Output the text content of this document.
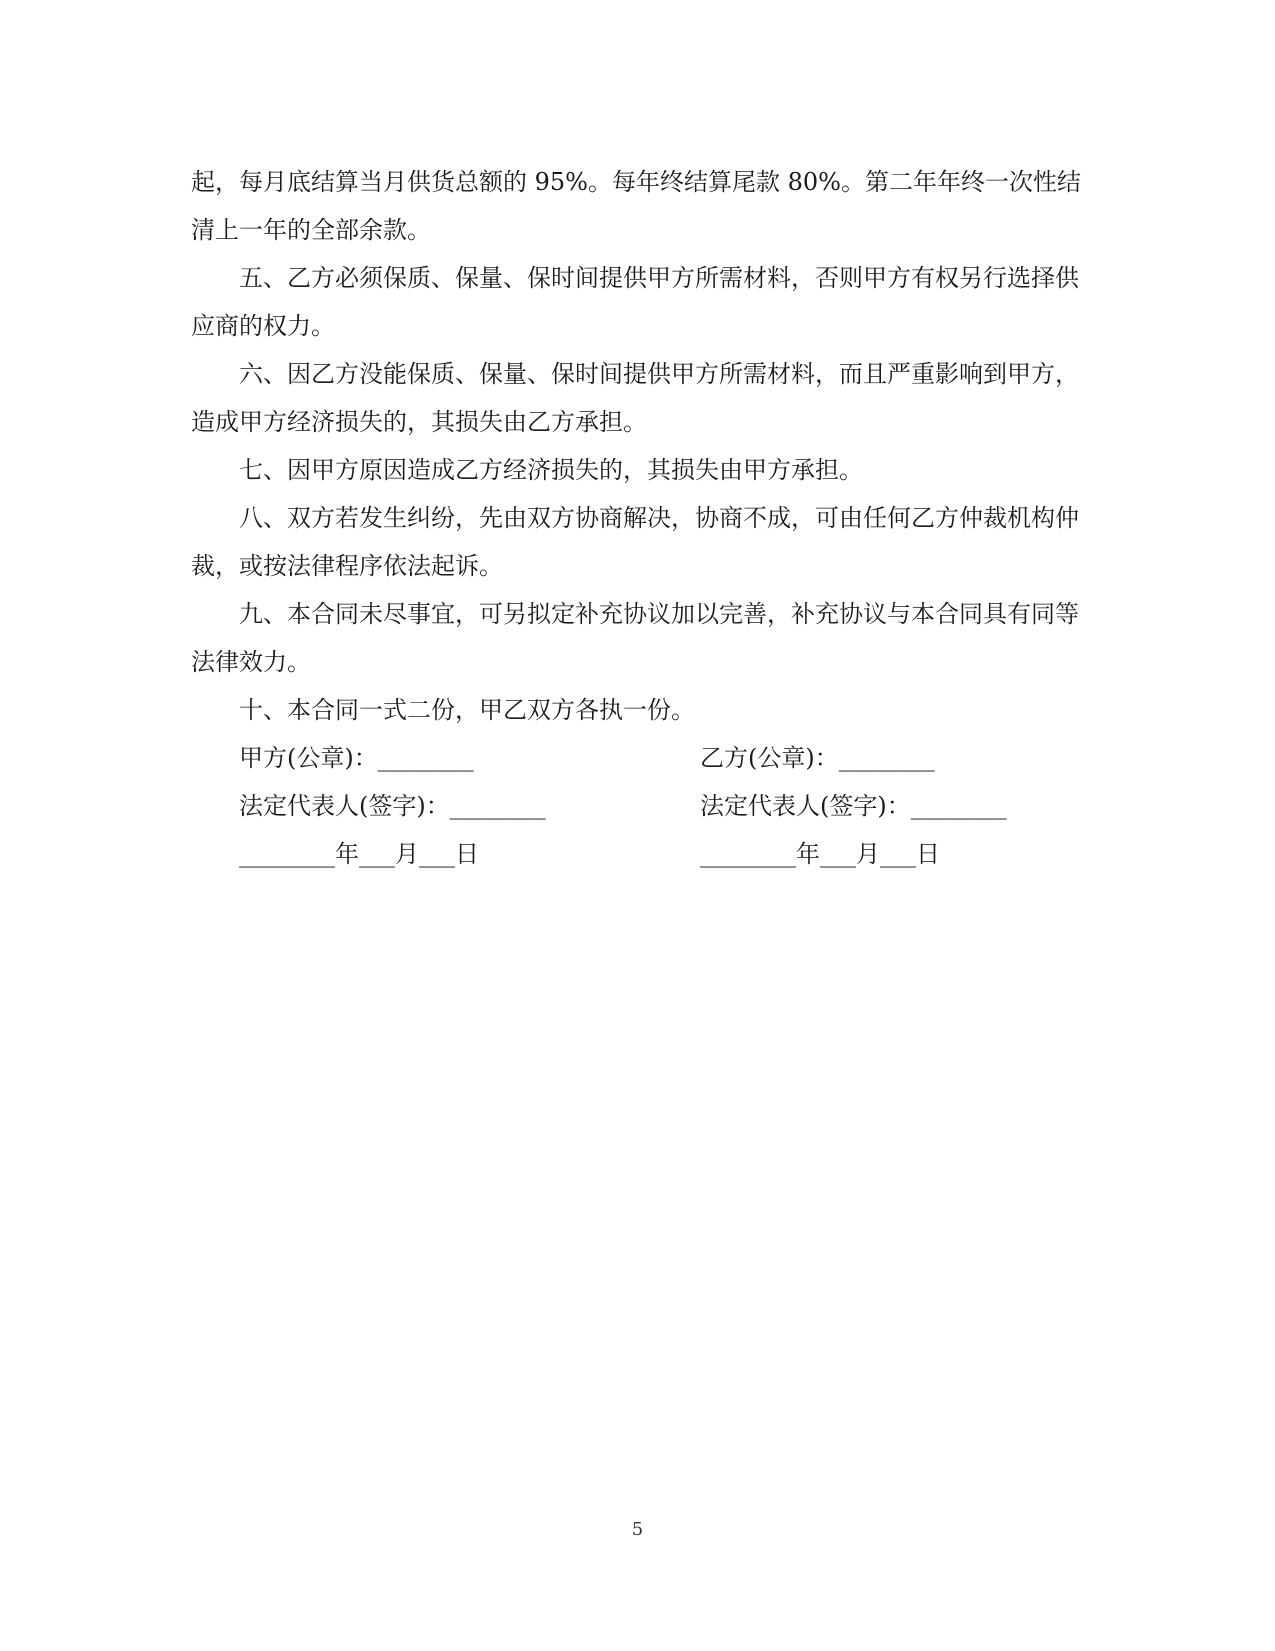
起，每月底结算当月供货总额的 95%。每年终结算尾款 80%。第二年年终一次性结清上一年的全部余款。

五、乙方必须保质、保量、保时间提供甲方所需材料，否则甲方有权另行选择供应商的权力。

六、因乙方没能保质、保量、保时间提供甲方所需材料，而且严重影响到甲方，造成甲方经济损失的，其损失由乙方承担。

七、因甲方原因造成乙方经济损失的，其损失由甲方承担。

八、双方若发生纠纷，先由双方协商解决，协商不成，可由任何乙方仲裁机构仲裁，或按法律程序依法起诉。

九、本合同未尽事宜，可另拟定补充协议加以完善，补充协议与本合同具有同等法律效力。

十、本合同一式二份，甲乙双方各执一份。

甲方(公章)：________	乙方(公章)：________
法定代表人(签字)：________	法定代表人(签字)：________
________年___月___日	________年___月___日
5
